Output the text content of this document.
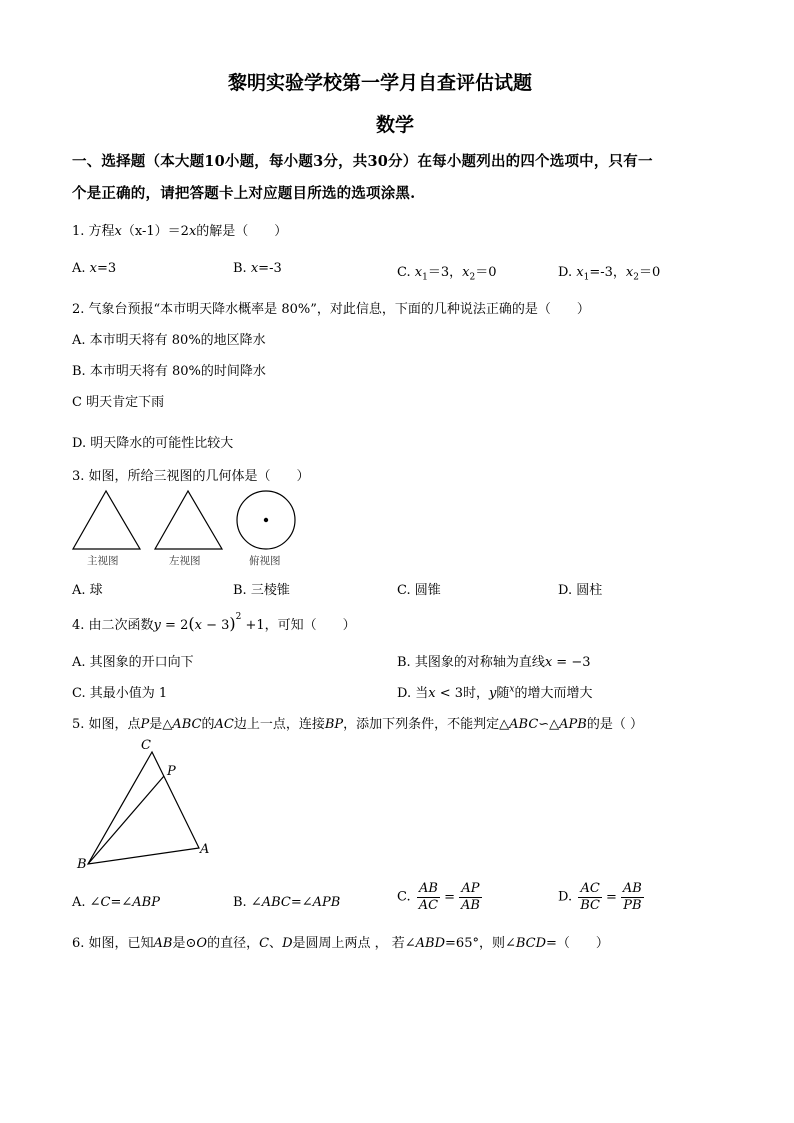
黎明实验学校第一学月自查评估试题
数学
一、选择题（本大题10小题，每小题3分，共30分）在每小题列出的四个选项中，只有一
个是正确的，请把答题卡上对应题目所选的选项涂黑.
1. 方程x（x-1）＝2x的解是（　　）
A. x=3	B. x=-3	C. $x_1=3$，$x_2=0$	D. $x_1=-3$，$x_2=0$
2. 气象台预报“本市明天降水概率是 80%”，对此信息，下面的几种说法正确的是（　　）
A. 本市明天将有 80%的地区降水
B. 本市明天将有 80%的时间降水
C 明天肯定下雨
D. 明天降水的可能性比较大
3. 如图，所给三视图的几何体是（　　）
主视图	左视图	俯视图
A. 球	B. 三棱锥	C. 圆锥	D. 圆柱
4. 由二次函数$y = 2(x - 3)^2 +1$，可知（　　）
A. 其图象的开口向下	B. 其图象的对称轴为直线x = −3
C. 其最小值为 1	D. 当x < 3时，y随$^x$的增大而增大
5. 如图，点P是△ABC的AC边上一点，连接BP，添加下列条件，不能判定△ABC∽△APB的是（ ）
C
P
B
A
A. ∠C=∠ABP	B. ∠ABC=∠APB	C. $\frac{AB}{AC} = \frac{AP}{AB}$	D. $\frac{AC}{BC} = \frac{AB}{PB}$
6. 如图，已知AB是⊙O的直径，C、D是圆周上两点 ， 若∠ABD=65°，则∠BCD=（　　）
